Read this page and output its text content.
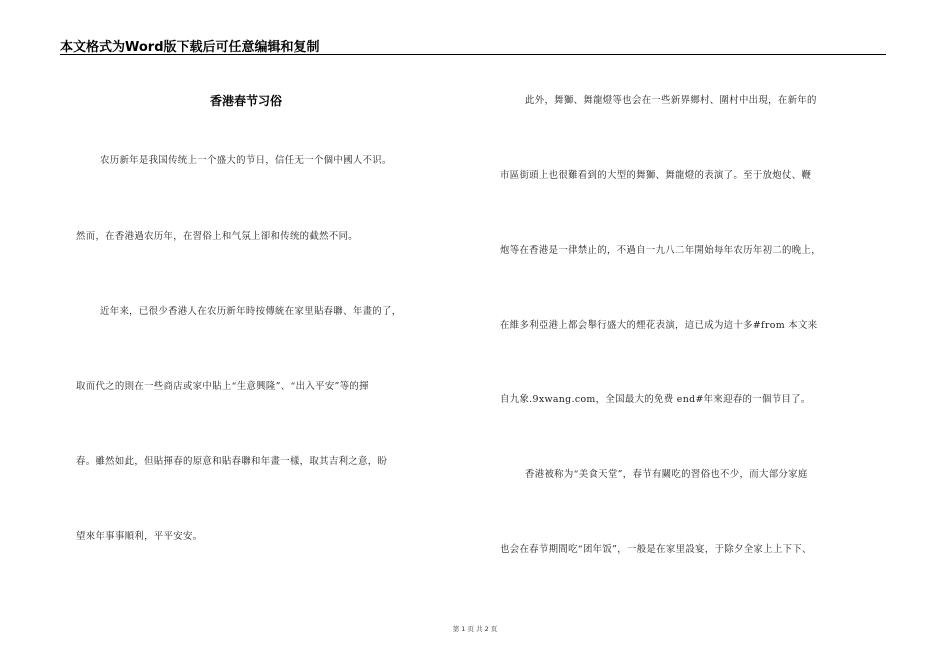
本文格式为Word版下载后可任意编辑和复制
香港春节习俗
农历新年是我国传统上一个盛大的节日，信任无一个個中國人不识。
然而，在香港過农历年，在習俗上和气氛上卻和传统的截然不同。
近年来，已很少香港人在农历新年時按傳統在家里貼春聯、年畫的了，
取而代之的則在一些商店或家中貼上“生意興隆”、“出入平安”等的揮
春。雖然如此，但貼揮春的原意和貼春聯和年畫一樣，取其吉利之意，盼
望來年事事順利，平平安安。
此外，舞獅、舞龍燈等也会在一些新界鄉村、圍村中出現，在新年的
市區街頭上也很難看到的大型的舞獅、舞龍燈的表演了。至于放炮仗、鞭
炮等在香港是一律禁止的，不過自一九八二年開始每年农历年初二的晚上，
在維多利亞港上都会舉行盛大的煙花表演，這已成为這十多#from 本文来
自九象.9xwang.com，全国最大的免费 end#年來迎春的一個节目了。
香港被称为“美食天堂”，春节有關吃的習俗也不少，而大部分家庭
也会在春节期間吃“团年饭”，一般是在家里設宴，于除夕全家上上下下、
第 1 页 共 2 页
